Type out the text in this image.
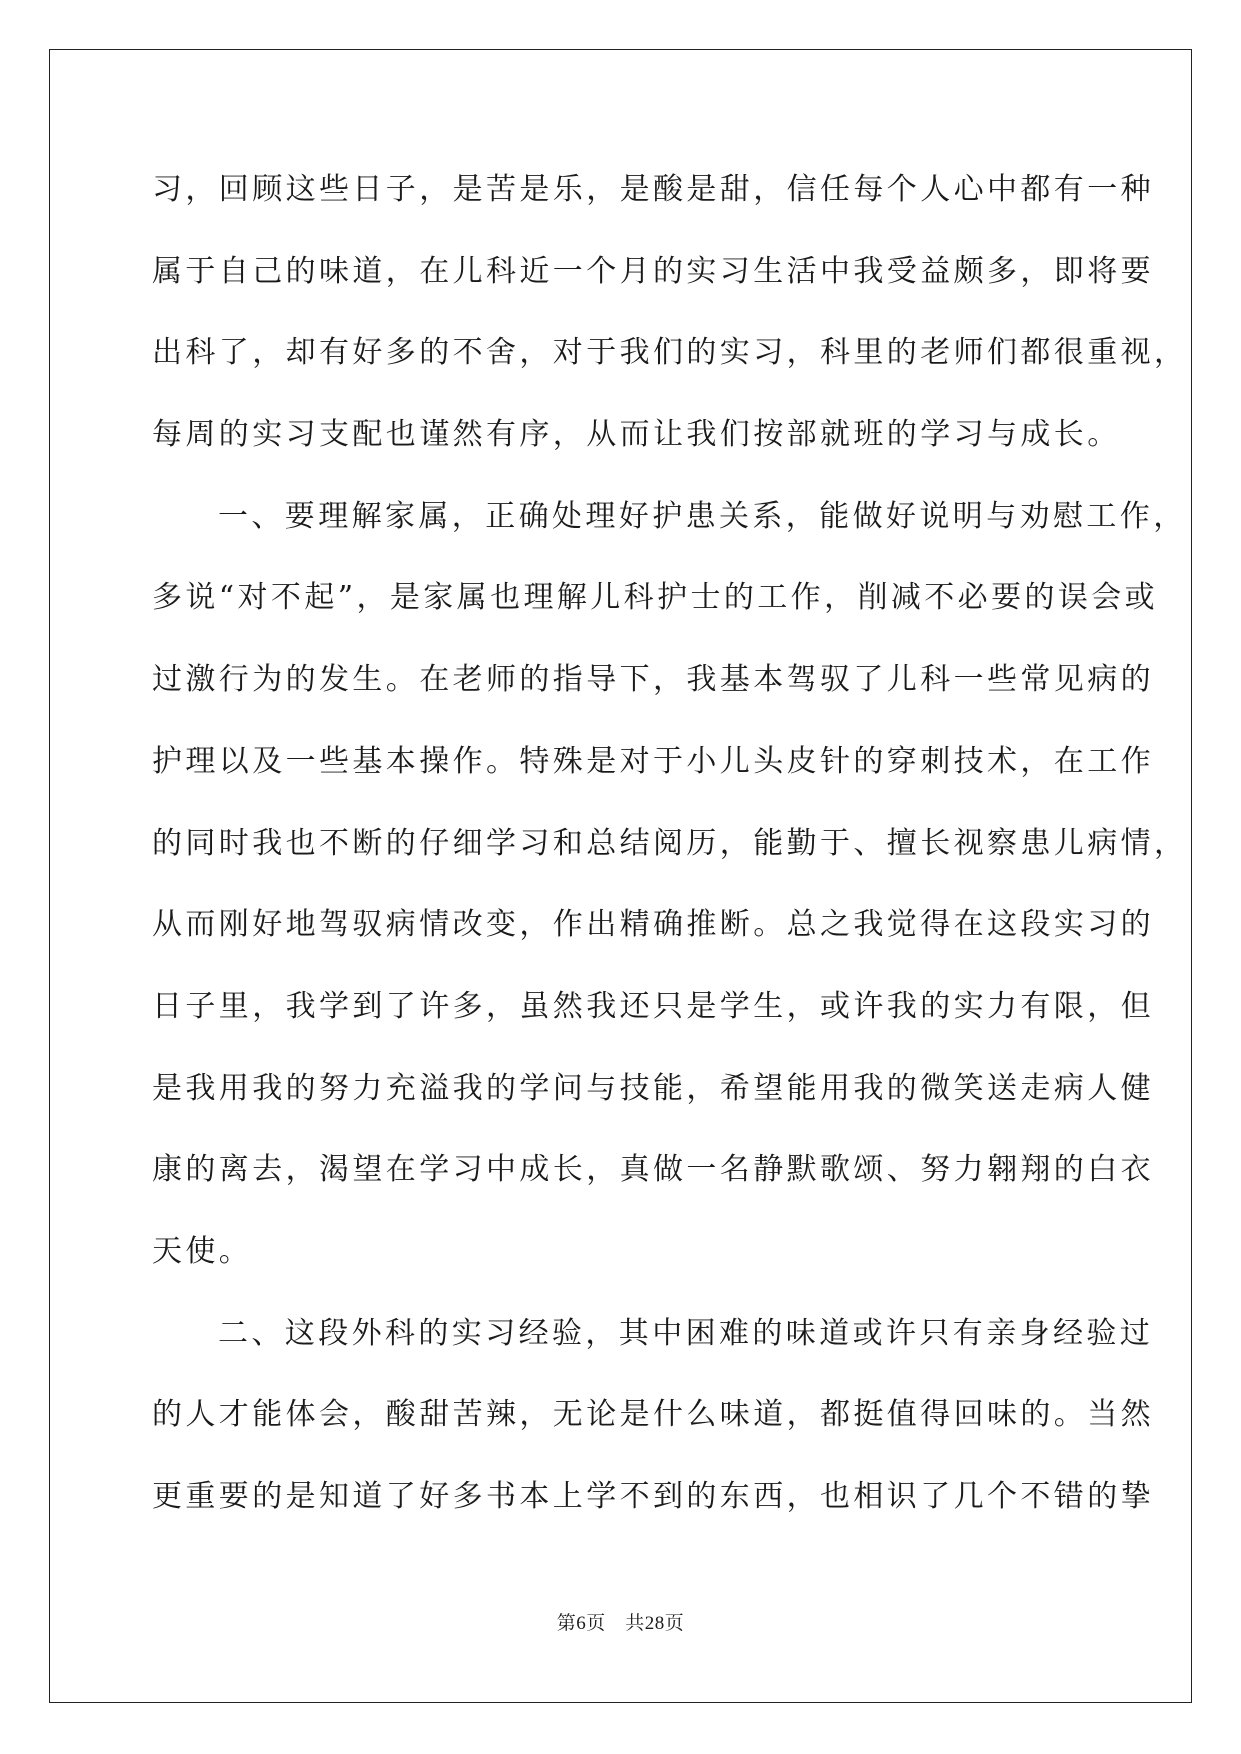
习，回顾这些日子，是苦是乐，是酸是甜，信任每个人心中都有一种
属于自己的味道，在儿科近一个月的实习生活中我受益颇多，即将要
出科了，却有好多的不舍，对于我们的实习，科里的老师们都很重视，
每周的实习支配也谨然有序，从而让我们按部就班的学习与成长。
一、要理解家属，正确处理好护患关系，能做好说明与劝慰工作，
多说“对不起”，是家属也理解儿科护士的工作，削减不必要的误会或
过激行为的发生。在老师的指导下，我基本驾驭了儿科一些常见病的
护理以及一些基本操作。特殊是对于小儿头皮针的穿刺技术，在工作
的同时我也不断的仔细学习和总结阅历，能勤于、擅长视察患儿病情，
从而刚好地驾驭病情改变，作出精确推断。总之我觉得在这段实习的
日子里，我学到了许多，虽然我还只是学生，或许我的实力有限，但
是我用我的努力充溢我的学问与技能，希望能用我的微笑送走病人健
康的离去，渴望在学习中成长，真做一名静默歌颂、努力翱翔的白衣
天使。
二、这段外科的实习经验，其中困难的味道或许只有亲身经验过
的人才能体会，酸甜苦辣，无论是什么味道，都挺值得回味的。当然
更重要的是知道了好多书本上学不到的东西，也相识了几个不错的挚
第6页　共28页
